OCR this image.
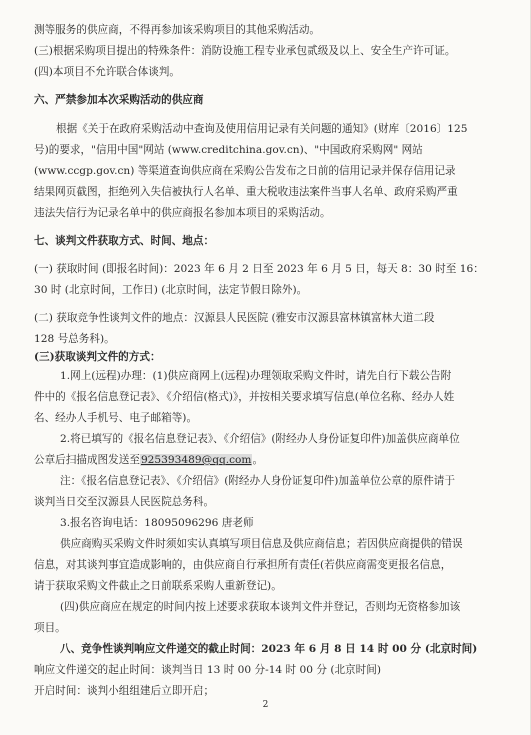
测等服务的供应商，不得再参加该采购项目的其他采购活动。
(三)根据采购项目提出的特殊条件：消防设施工程专业承包贰级及以上、安全生产许可证。
(四)本项目不允许联合体谈判。
六、严禁参加本次采购活动的供应商
根据《关于在政府采购活动中查询及使用信用记录有关问题的通知》(财库〔2016〕125
号)的要求，"信用中国"网站 (www.creditchina.gov.cn)、"中国政府采购网" 网站
(www.ccgp.gov.cn) 等渠道查询供应商在采购公告发布之日前的信用记录并保存信用记录
结果网页截图，拒绝列入失信被执行人名单、重大税收违法案件当事人名单、政府采购严重
违法失信行为记录名单中的供应商报名参加本项目的采购活动。
七、谈判文件获取方式、时间、地点：
(一) 获取时间 (即报名时间)：2023 年 6 月 2 日至 2023 年 6 月 5 日，每天 8：30 时至 16：
30 时 (北京时间，工作日) (北京时间，法定节假日除外)。
(二) 获取竞争性谈判文件的地点：汉源县人民医院 (雅安市汉源县富林镇富林大道二段
128 号总务科)。
(三)获取谈判文件的方式：
1.网上(远程)办理：(1)供应商网上(远程)办理领取采购文件时，请先自行下载公告附
件中的《报名信息登记表》、《介绍信(格式)》，并按相关要求填写信息(单位名称、经办人姓
名、经办人手机号、电子邮箱等)。
2.将已填写的《报名信息登记表》、《介绍信》(附经办人身份证复印件)加盖供应商单位
公章后扫描成图发送至925393489@qq.com。
注：《报名信息登记表》、《介绍信》(附经办人身份证复印件)加盖单位公章的原件请于
谈判当日交至汉源县人民医院总务科。
3.报名咨询电话：18095096296 唐老师
供应商购买采购文件时须如实认真填写项目信息及供应商信息；若因供应商提供的错误
信息，对其谈判事宜造成影响的，由供应商自行承担所有责任(若供应商需变更报名信息，
请于获取采购文件截止之日前联系采购人重新登记)。
(四)供应商应在规定的时间内按上述要求获取本谈判文件并登记，否则均无资格参加该
项目。
八、竞争性谈判响应文件递交的截止时间：2023 年 6 月 8 日 14 时 00 分 (北京时间)
响应文件递交的起止时间：谈判当日 13 时 00 分-14 时 00 分 (北京时间)
开启时间：谈判小组组建后立即开启；
2
